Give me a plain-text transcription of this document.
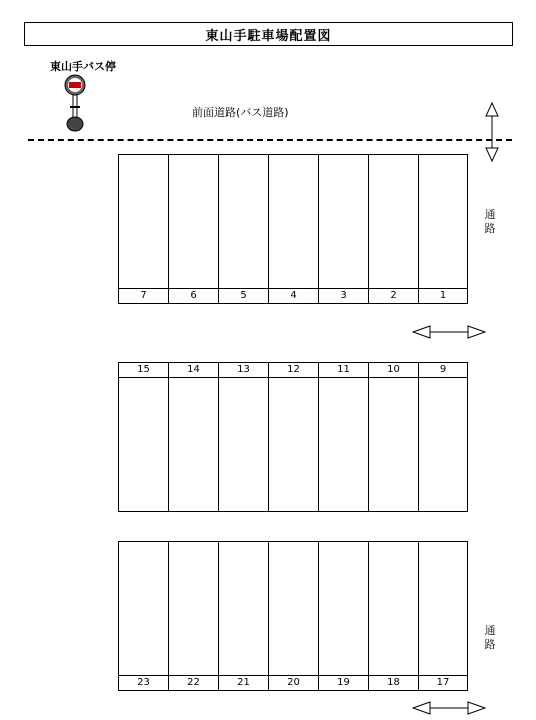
東山手駐車場配置図
東山手バス停
前面道路(バス道路)
7	6	5	4	3	2	1
通路
15	14	13	12	11	10	9
23	22	21	20	19	18	17
通路
